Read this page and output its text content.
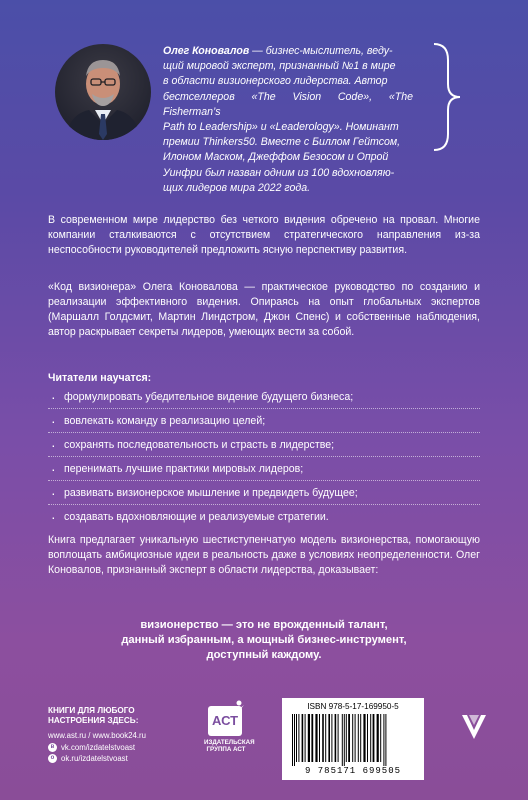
Олег Коновалов — бизнес-мыслитель, веду-
щий мировой эксперт, признанный №1 в мире
в области визионерского лидерства. Автор
бестселлеров «The Vision Code», «The Fisherman’s
Path to Leadership» и «Leaderology». Номинант
премии Thinkers50. Вместе с Биллом Гейтсом,
Илоном Маском, Джеффом Безосом и Опрой
Уинфри был назван одним из 100 вдохновляю-
щих лидеров мира 2022 года.
В современном мире лидерство без четкого видения обречено на провал. Многие компании сталкиваются с отсутствием стратегического направления из-за неспособности руководителей предложить ясную перспективу развития.
«Код визионера» Олега Коновалова — практическое руководство по созданию и реализации эффективного видения. Опираясь на опыт глобальных экспертов (Маршалл Голдсмит, Мартин Линдстром, Джон Спенс) и собственные наблюдения, автор раскрывает секреты лидеров, умеющих вести за собой.
Читатели научатся:
· формулировать убедительное видение будущего бизнеса;
· вовлекать команду в реализацию целей;
· сохранять последовательность и страсть в лидерстве;
· перенимать лучшие практики мировых лидеров;
· развивать визионерское мышление и предвидеть будущее;
· создавать вдохновляющие и реализуемые стратегии.
Книга предлагает уникальную шестиступенчатую модель визионерства, помогающую воплощать амбициозные идеи в реальность даже в условиях неопределенности. Олег Коновалов, признанный эксперт в области лидерства, доказывает:
визионерство — это не врожденный талант,
данный избранным, а мощный бизнес-инструмент,
доступный каждому.
КНИГИ ДЛЯ ЛЮБОГО
НАСТРОЕНИЯ ЗДЕСЬ:
www.ast.ru / www.book24.ru
в vk.com/izdatelstvoast
о ok.ru/izdatelstvoast
АСТ
ИЗДАТЕЛЬСКАЯ
ГРУППА АСТ
ISBN 978-5-17-169950-5
9 785171 699505
